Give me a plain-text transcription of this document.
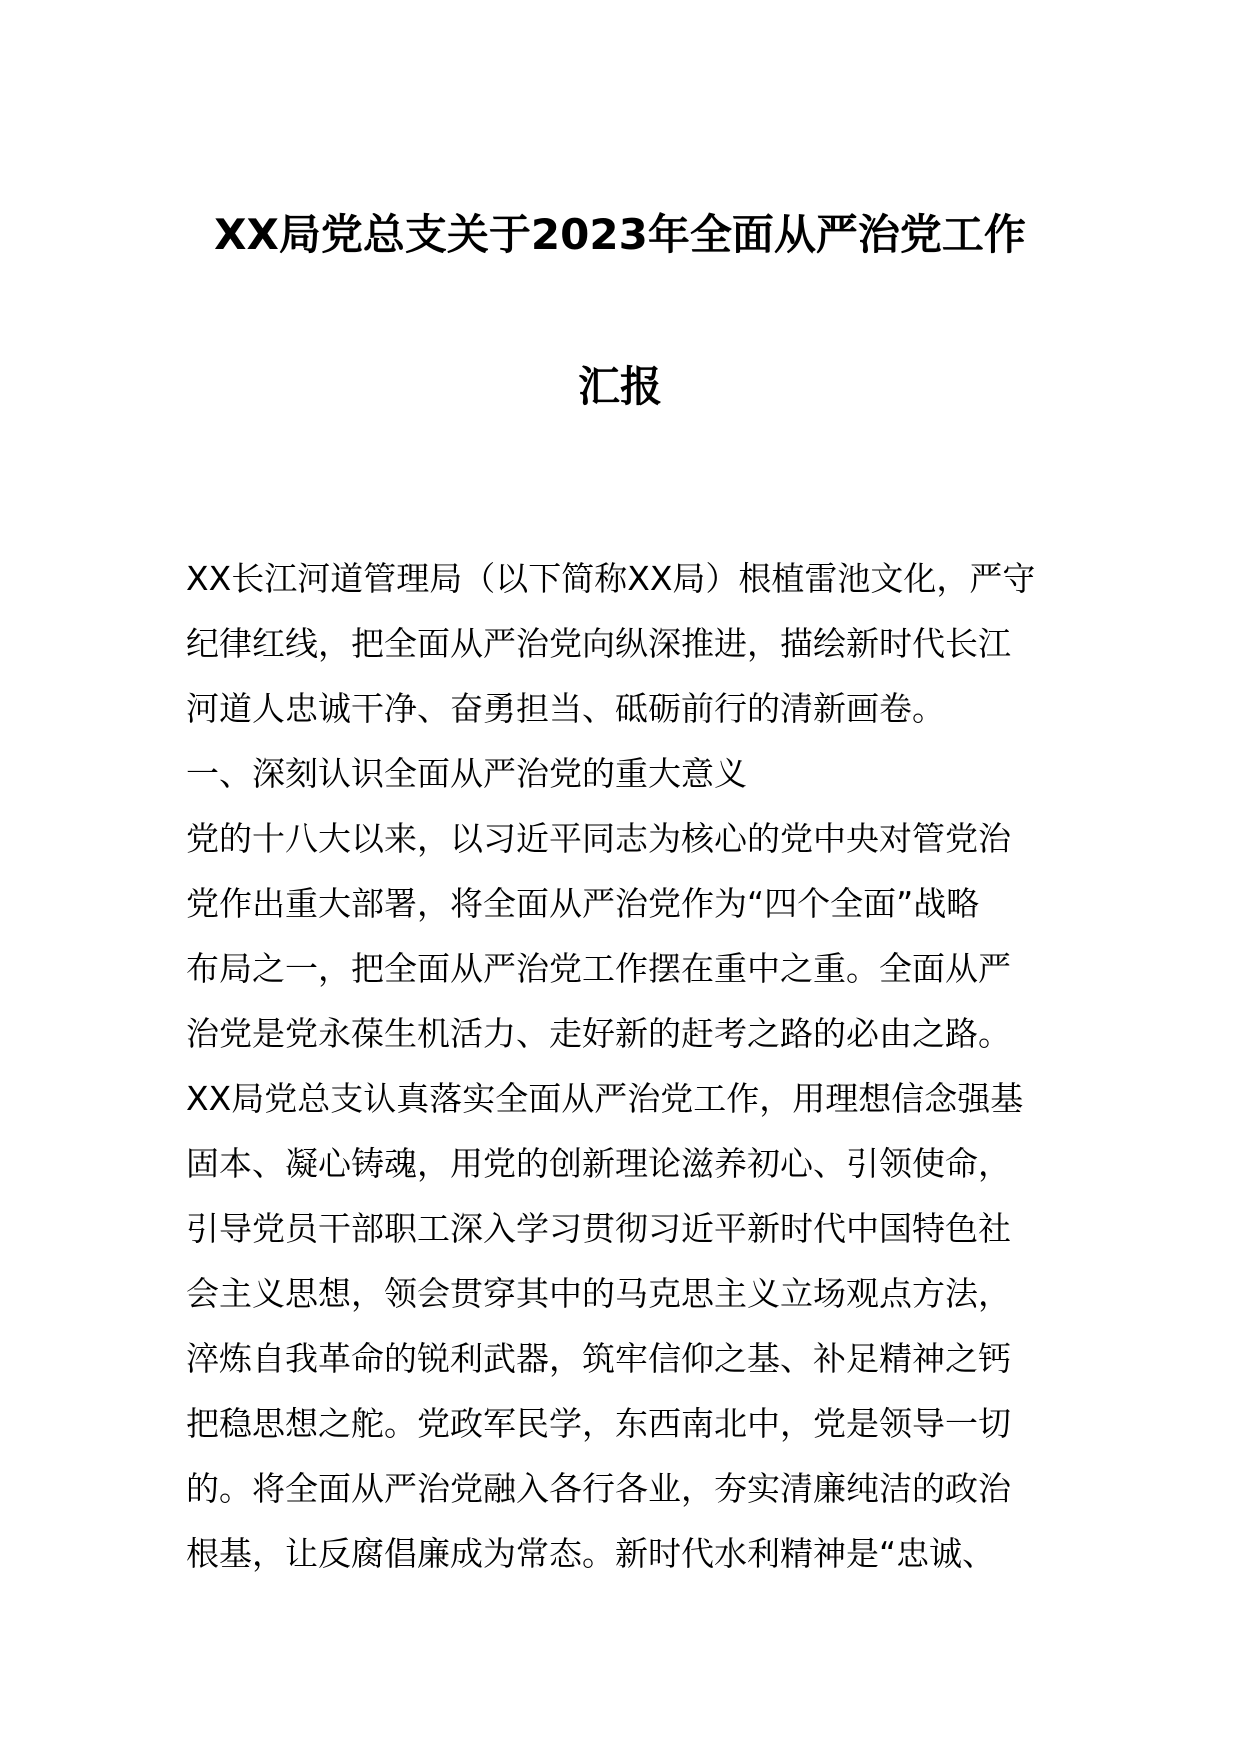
XX局党总支关于2023年全面从严治党工作
汇报

XX长江河道管理局（以下简称XX局）根植雷池文化，严守

纪律红线，把全面从严治党向纵深推进，描绘新时代长江

河道人忠诚干净、奋勇担当、砥砺前行的清新画卷。

一、深刻认识全面从严治党的重大意义

党的十八大以来，以习近平同志为核心的党中央对管党治

党作出重大部署，将全面从严治党作为“四个全面”战略

布局之一，把全面从严治党工作摆在重中之重。全面从严

治党是党永葆生机活力、走好新的赶考之路的必由之路。

XX局党总支认真落实全面从严治党工作，用理想信念强基

固本、凝心铸魂，用党的创新理论滋养初心、引领使命，

引导党员干部职工深入学习贯彻习近平新时代中国特色社

会主义思想，领会贯穿其中的马克思主义立场观点方法，

淬炼自我革命的锐利武器，筑牢信仰之基、补足精神之钙

把稳思想之舵。党政军民学，东西南北中，党是领导一切

的。将全面从严治党融入各行各业，夯实清廉纯洁的政治

根基，让反腐倡廉成为常态。新时代水利精神是“忠诚、
